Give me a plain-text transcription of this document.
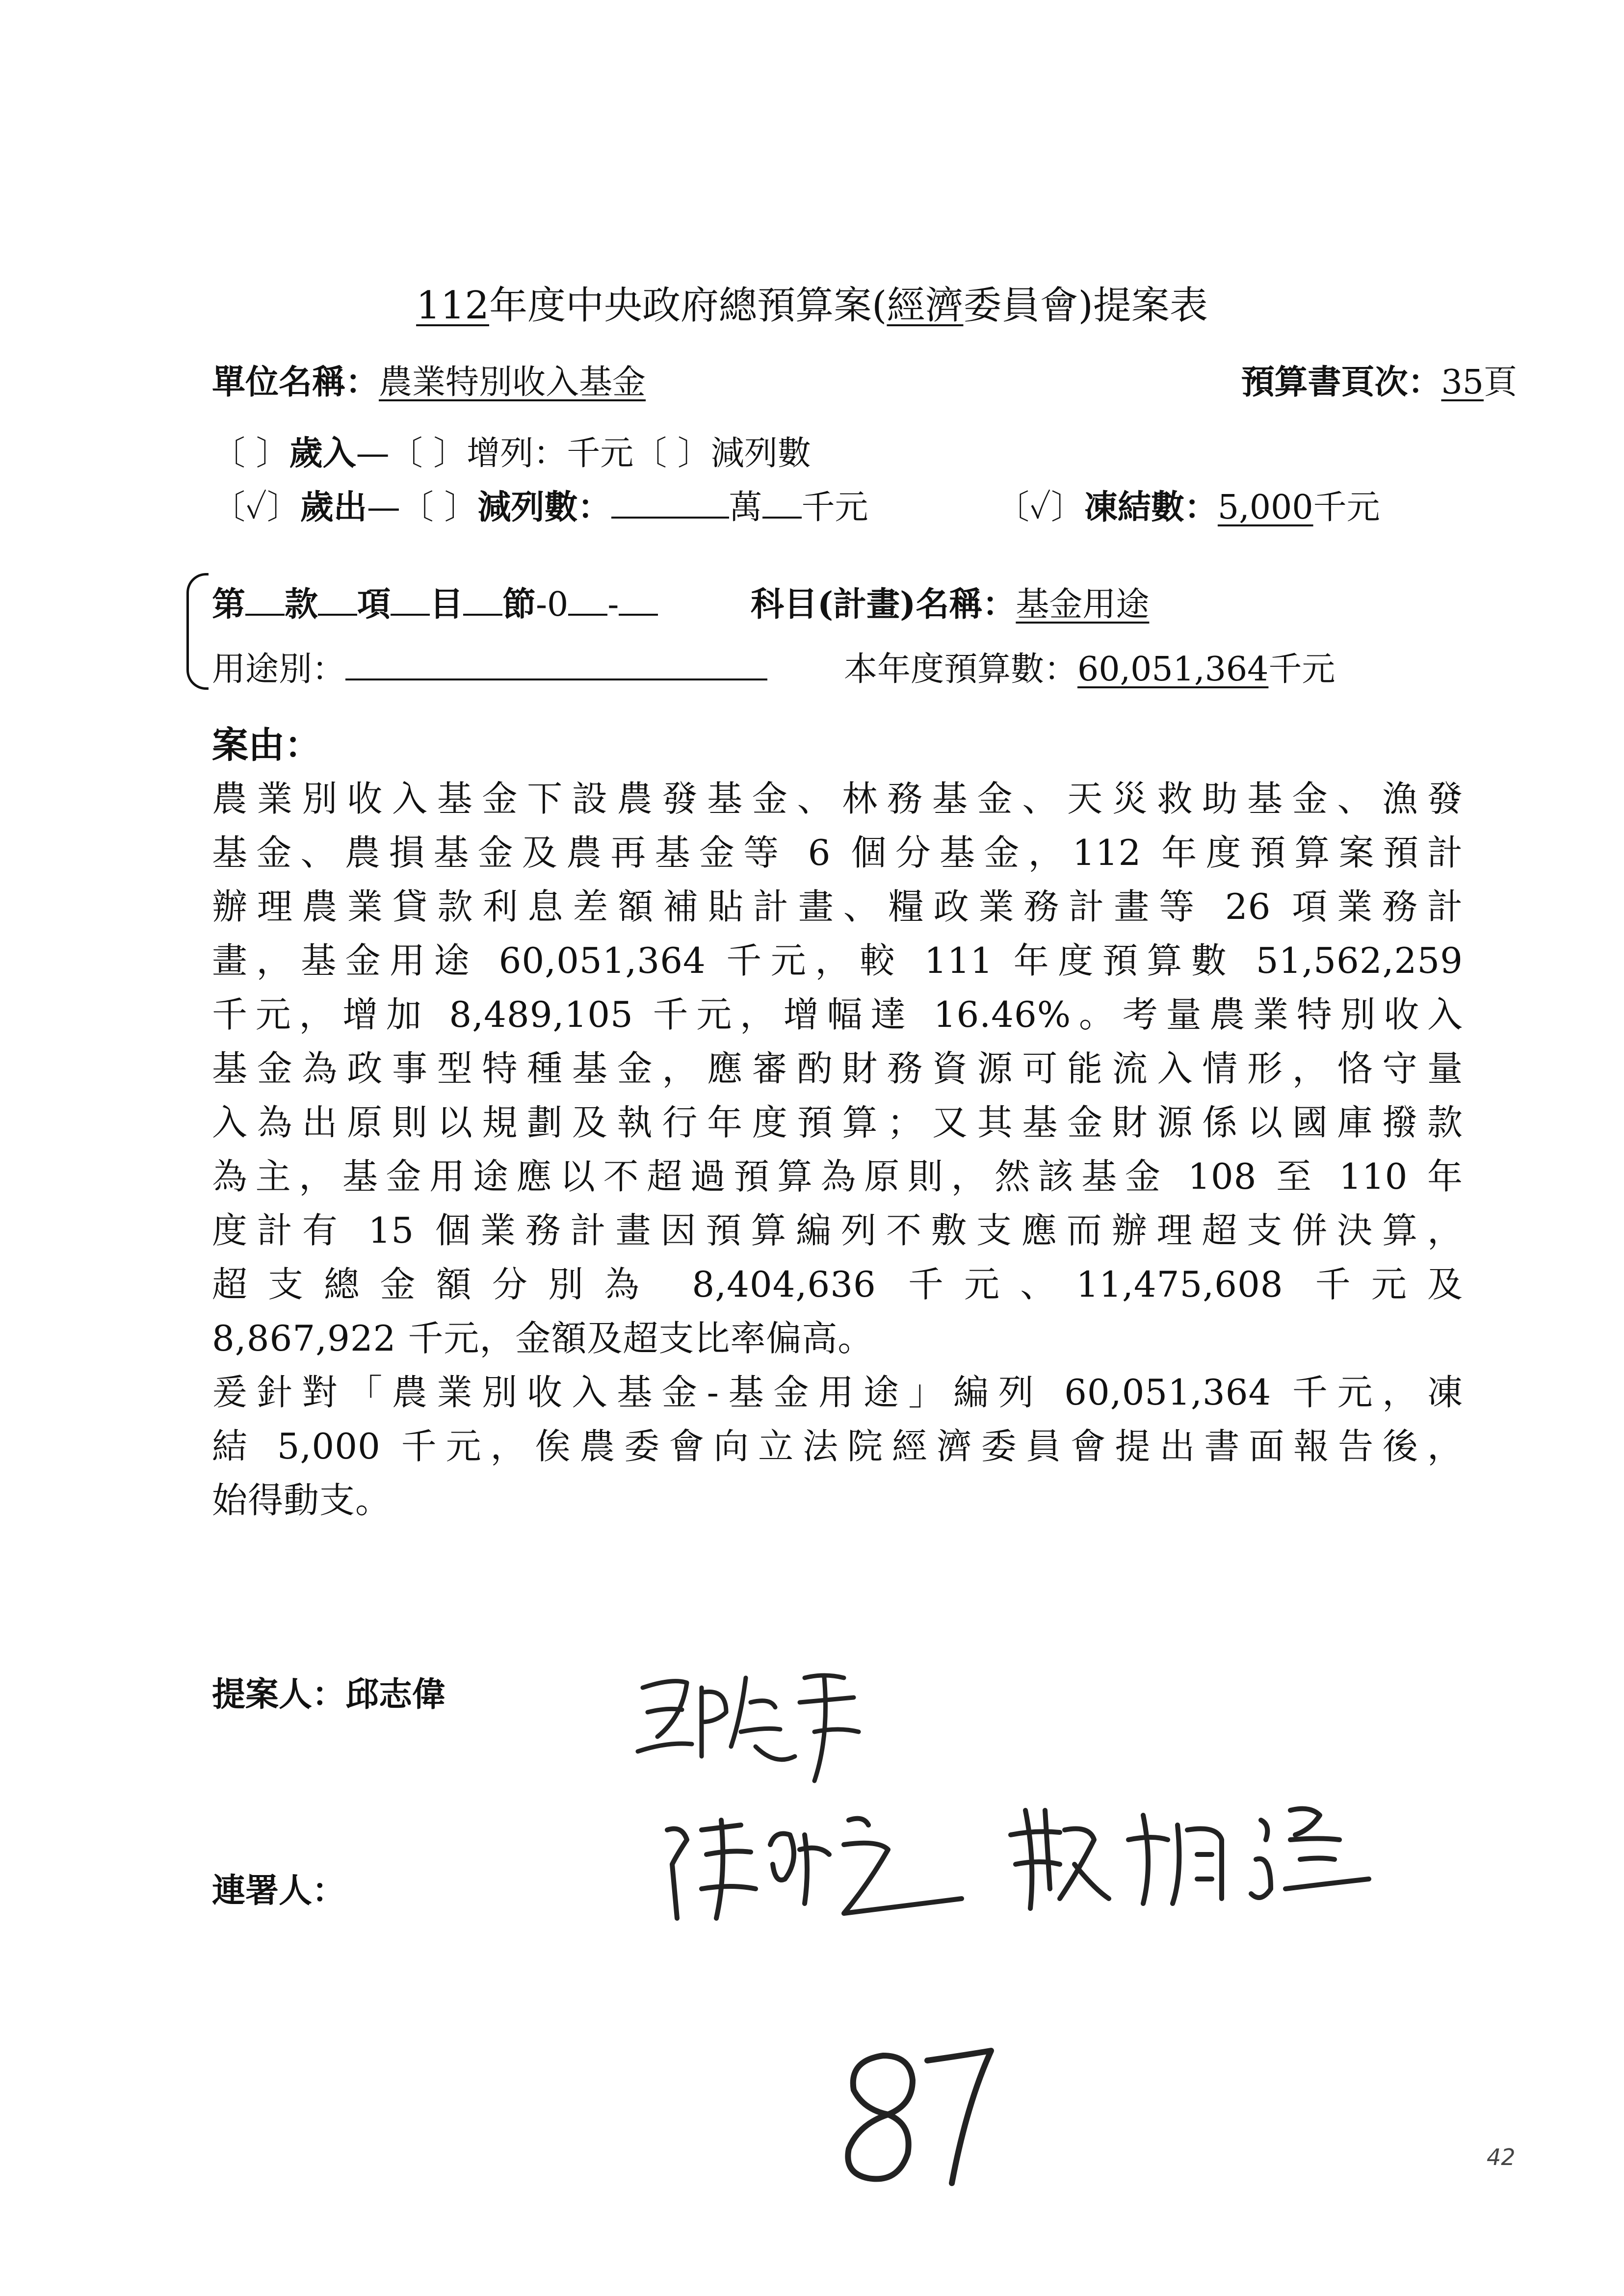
112年度中央政府總預算案(經濟委員會)提案表
單位名稱：農業特別收入基金	預算書頁次：35頁
〔 〕歲入—〔 〕增列：千元〔 〕減列數
〔✓〕歲出—〔 〕減列數：	萬 千元	〔✓〕凍結數：5,000千元
第 款 項 目 節-0 -	科目(計畫)名稱：基金用途
用途別：	本年度預算數：60,051,364千元
案由：
農業別收入基金下設農發基金、林務基金、天災救助基金、漁發
基金、農損基金及農再基金等 6 個分基金，112 年度預算案預計
辦理農業貸款利息差額補貼計畫、糧政業務計畫等 26 項業務計
畫，基金用途 60,051,364 千元，較 111 年度預算數 51,562,259
千元，增加 8,489,105 千元，增幅達 16.46%。考量農業特別收入
基金為政事型特種基金，應審酌財務資源可能流入情形，恪守量
入為出原則以規劃及執行年度預算；又其基金財源係以國庫撥款
為主，基金用途應以不超過預算為原則，然該基金 108 至 110 年
度計有 15 個業務計畫因預算編列不敷支應而辦理超支併決算，
超支總金額分別為 8,404,636 千元、11,475,608 千元及
8,867,922 千元，金額及超支比率偏高。
爰針對「農業別收入基金-基金用途」編列 60,051,364 千元，凍
結 5,000 千元，俟農委會向立法院經濟委員會提出書面報告後，
始得動支。
提案人：邱志偉
連署人：
42
